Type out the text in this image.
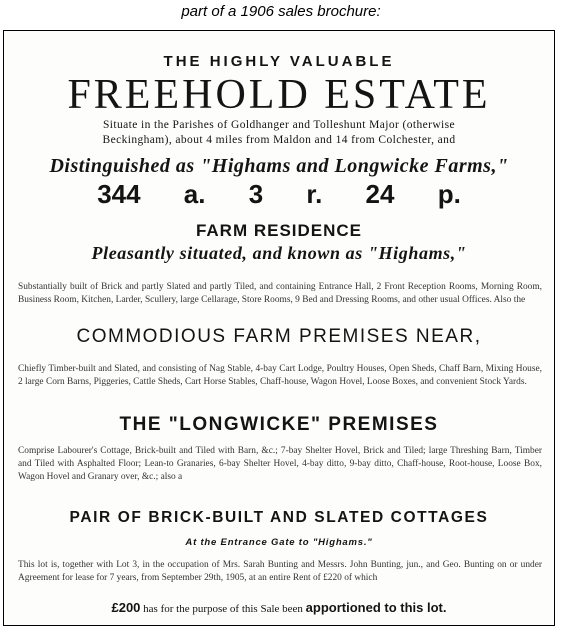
part of a 1906 sales brochure:
THE HIGHLY VALUABLE
FREEHOLD ESTATE
Situate in the Parishes of Goldhanger and Tolleshunt Major (otherwise
Beckingham), about 4 miles from Maldon and 14 from Colchester, and
Distinguished as "Highams and Longwicke Farms,"
344 a. 3 r. 24 p.
FARM RESIDENCE
Pleasantly situated, and known as "Highams,"
Substantially built of Brick and partly Slated and partly Tiled, and containing Entrance Hall, 2 Front Reception Rooms, Morning Room, Business Room, Kitchen, Larder, Scullery, large Cellarage, Store Rooms, 9 Bed and Dressing Rooms, and other usual Offices. Also the
COMMODIOUS FARM PREMISES NEAR,
Chiefly Timber-built and Slated, and consisting of Nag Stable, 4-bay Cart Lodge, Poultry Houses, Open Sheds, Chaff Barn, Mixing House, 2 large Corn Barns, Piggeries, Cattle Sheds, Cart Horse Stables, Chaff-house, Wagon Hovel, Loose Boxes, and convenient Stock Yards.
THE "LONGWICKE" PREMISES
Comprise Labourer's Cottage, Brick-built and Tiled with Barn, &c.; 7-bay Shelter Hovel, Brick and Tiled; large Threshing Barn, Timber and Tiled with Asphalted Floor; Lean-to Granaries, 6-bay Shelter Hovel, 4-bay ditto, 9-bay ditto, Chaff-house, Root-house, Loose Box, Wagon Hovel and Granary over, &c.; also a
PAIR OF BRICK-BUILT AND SLATED COTTAGES
At the Entrance Gate to "Highams."
This lot is, together with Lot 3, in the occupation of Mrs. Sarah Bunting and Messrs. John Bunting, jun., and Geo. Bunting on or under Agreement for lease for 7 years, from September 29th, 1905, at an entire Rent of £220 of which
£200 has for the purpose of this Sale been apportioned to this lot.
